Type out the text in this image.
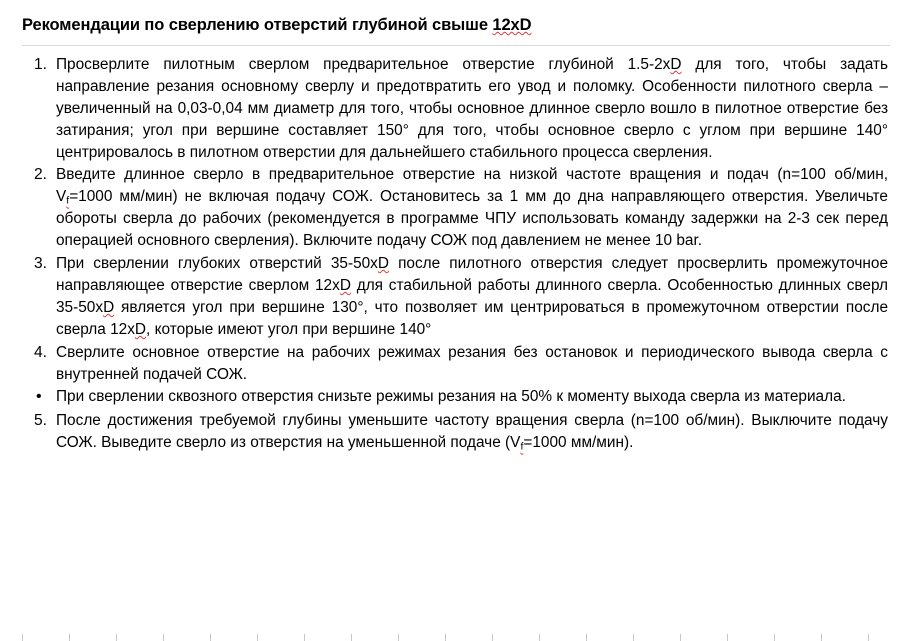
Рекомендации по сверлению отверстий глубиной свыше 12xD
1. Просверлите пилотным сверлом предварительное отверстие глубиной 1.5-2xD для того, чтобы задать направление резания основному сверлу и предотвратить его увод и поломку. Особенности пилотного сверла – увеличенный на 0,03-0,04 мм диаметр для того, чтобы основное длинное сверло вошло в пилотное отверстие без затирания; угол при вершине составляет 150° для того, чтобы основное сверло с углом при вершине 140° центрировалось в пилотном отверстии для дальнейшего стабильного процесса сверления.
2. Введите длинное сверло в предварительное отверстие на низкой частоте вращения и подач (n=100 об/мин, $V_f=1000$ мм/мин) не включая подачу СОЖ. Остановитесь за 1 мм до дна направляющего отверстия. Увеличьте обороты сверла до рабочих (рекомендуется в программе ЧПУ использовать команду задержки на 2-3 сек перед операцией основного сверления). Включите подачу СОЖ под давлением не менее 10 bar.
3. При сверлении глубоких отверстий 35-50xD после пилотного отверстия следует просверлить промежуточное направляющее отверстие сверлом 12xD для стабильной работы длинного сверла. Особенностью длинных сверл 35-50xD является угол при вершине 130°, что позволяет им центрироваться в промежуточном отверстии после сверла 12xD, которые имеют угол при вершине 140°
4. Сверлите основное отверстие на рабочих режимах резания без остановок и периодического вывода сверла с внутренней подачей СОЖ.
• При сверлении сквозного отверстия снизьте режимы резания на 50% к моменту выхода сверла из материала.
5. После достижения требуемой глубины уменьшите частоту вращения сверла (n=100 об/мин). Выключите подачу СОЖ. Выведите сверло из отверстия на уменьшенной подаче ($V_f=1000$ мм/мин).
